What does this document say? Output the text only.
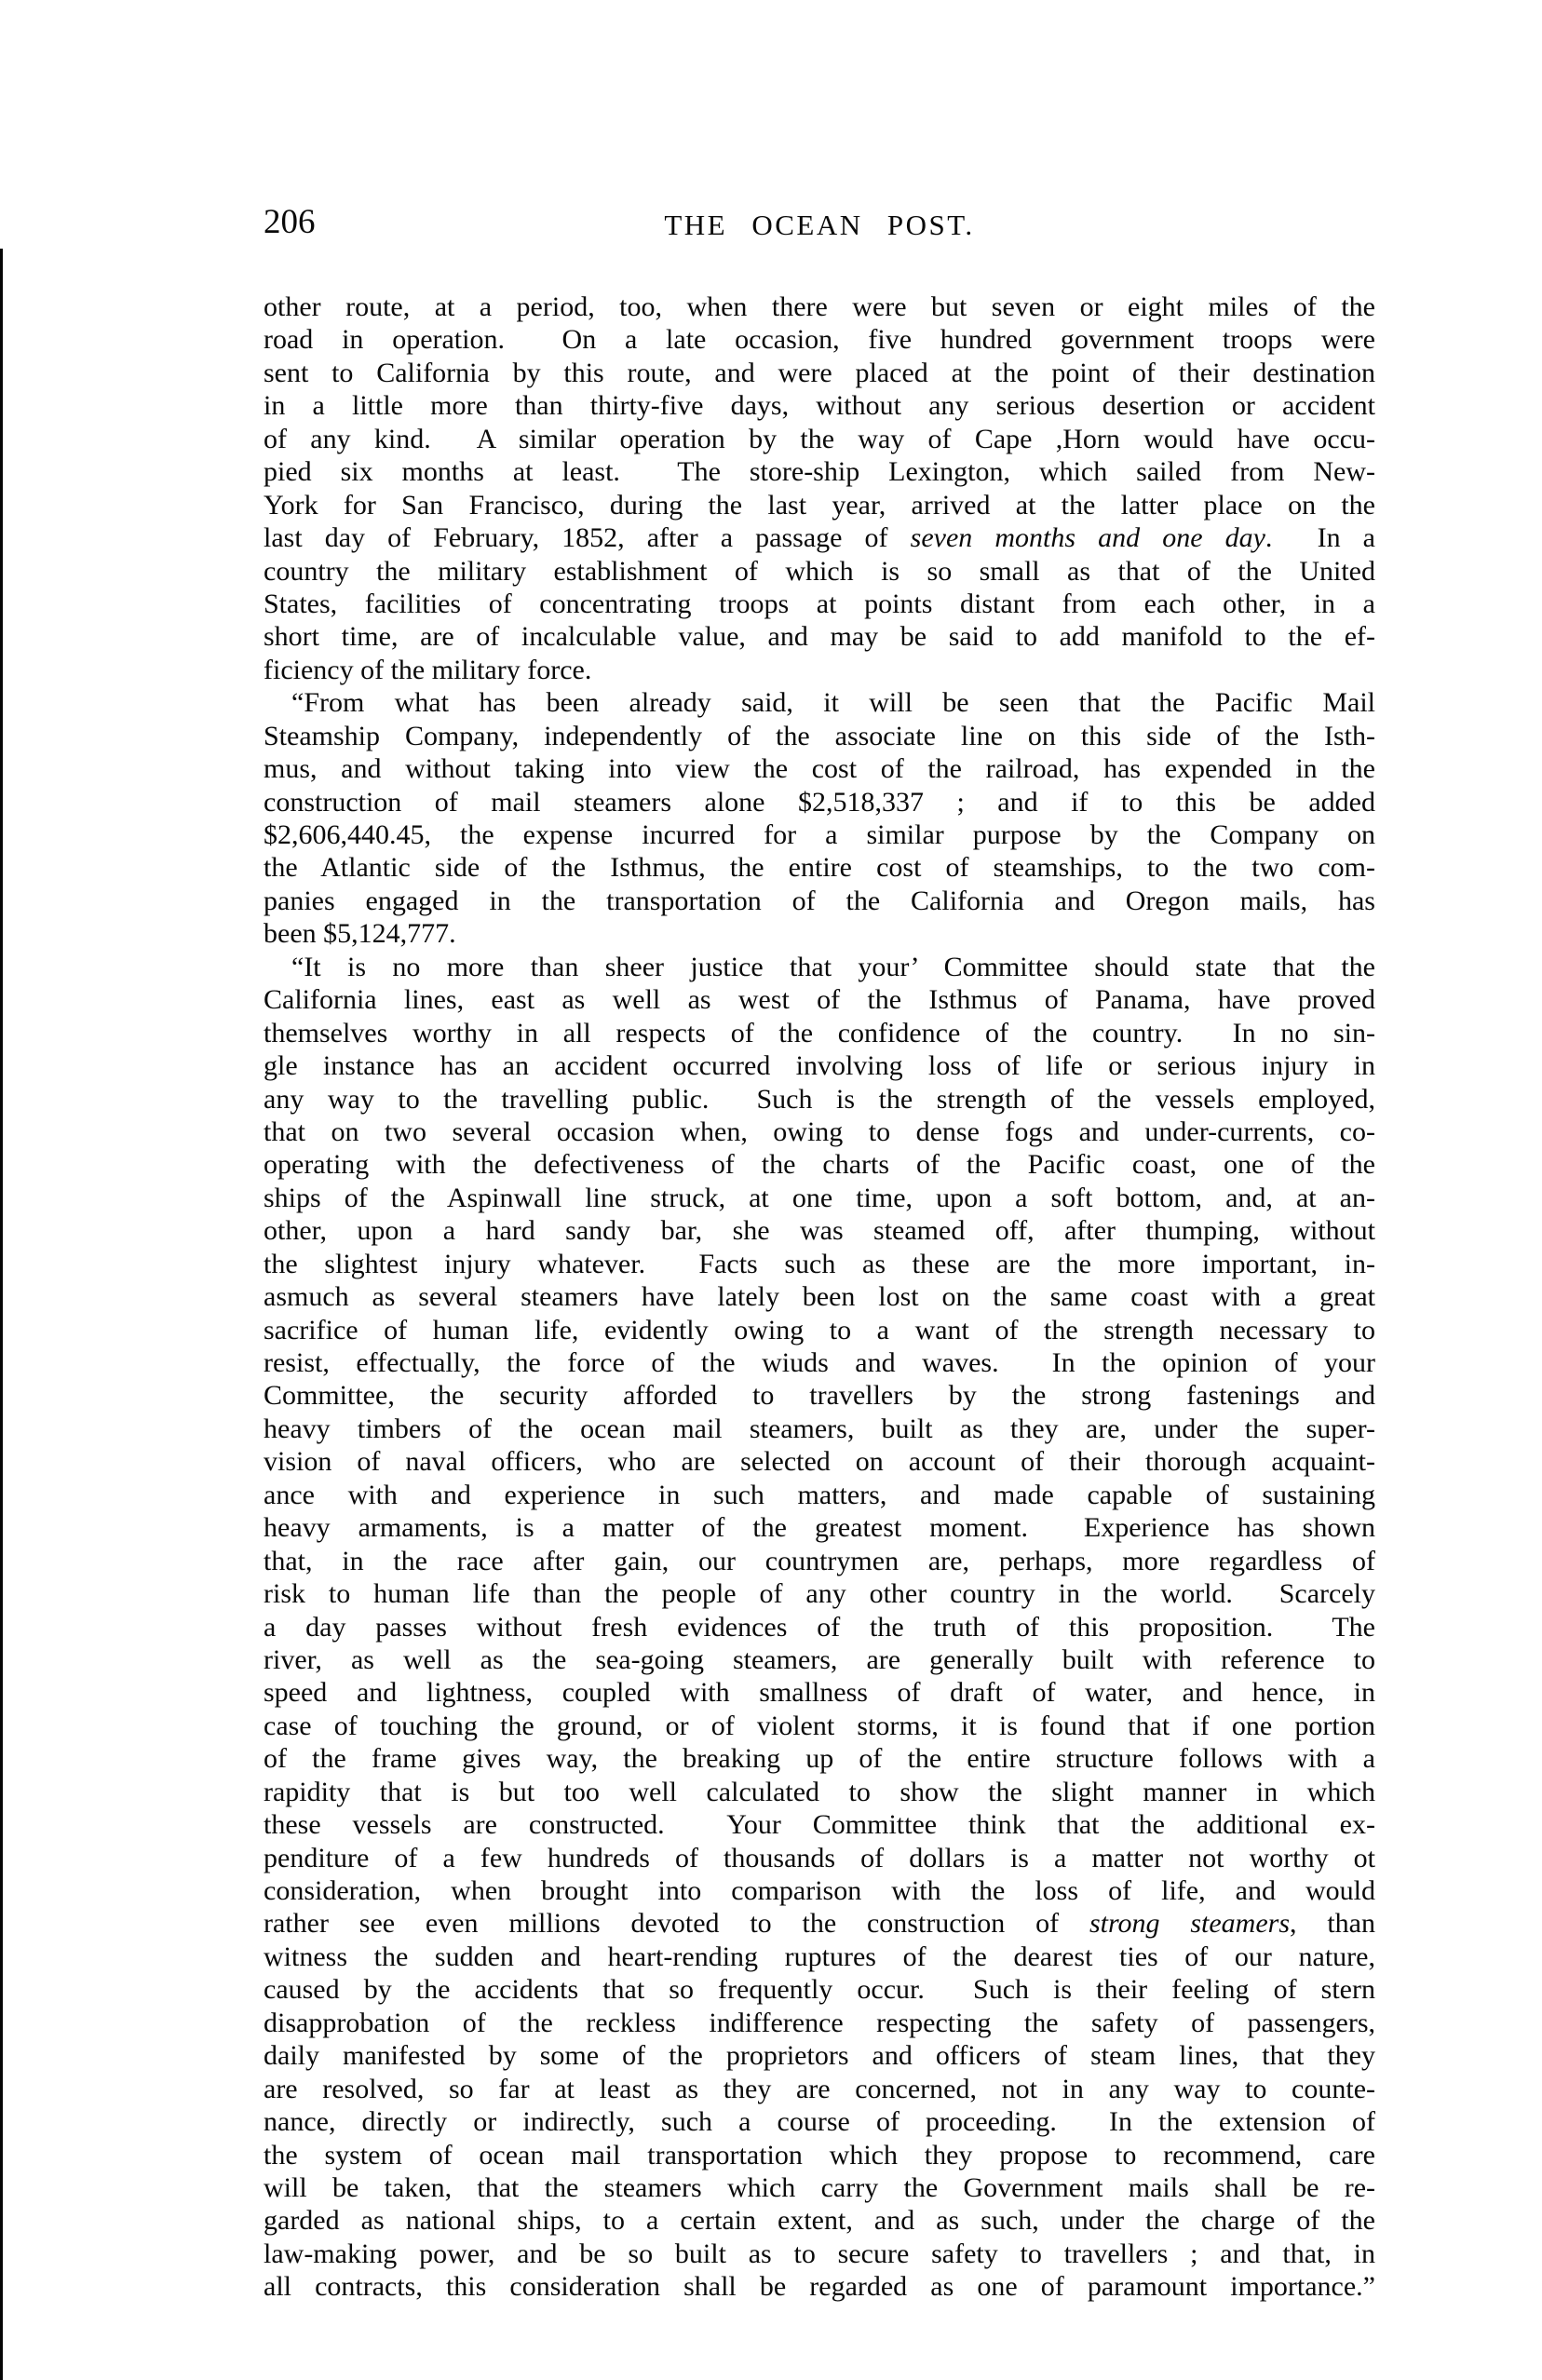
206	THE OCEAN POST.
other route, at a period, too, when there were but seven or eight miles of the
road in operation.  On a late occasion, five hundred government troops were
sent to California by this route, and were placed at the point of their destination
in a little more than thirty-five days, without any serious desertion or accident
of any kind.  A similar operation by the way of Cape ,Horn would have occu-
pied six months at least.  The store-ship Lexington, which sailed from New-
York for San Francisco, during the last year, arrived at the latter place on the
last day of February, 1852, after a passage of seven months and one day.  In a
country the military establishment of which is so small as that of the United
States, facilities of concentrating troops at points distant from each other, in a
short time, are of incalculable value, and may be said to add manifold to the ef-
ficiency of the military force.
“From what has been already said, it will be seen that the Pacific Mail
Steamship Company, independently of the associate line on this side of the Isth-
mus, and without taking into view the cost of the railroad, has expended in the
construction of mail steamers alone $2,518,337 ; and if to this be added
$2,606,440.45, the expense incurred for a similar purpose by the Company on
the Atlantic side of the Isthmus, the entire cost of steamships, to the two com-
panies engaged in the transportation of the California and Oregon mails, has
been $5,124,777.
“It is no more than sheer justice that your’ Committee should state that the
California lines, east as well as west of the Isthmus of Panama, have proved
themselves worthy in all respects of the confidence of the country.  In no sin-
gle instance has an accident occurred involving loss of life or serious injury in
any way to the travelling public.  Such is the strength of the vessels employed,
that on two several occasion when, owing to dense fogs and under-currents, co-
operating with the defectiveness of the charts of the Pacific coast, one of the
ships of the Aspinwall line struck, at one time, upon a soft bottom, and, at an-
other, upon a hard sandy bar, she was steamed off, after thumping, without
the slightest injury whatever.  Facts such as these are the more important, in-
asmuch as several steamers have lately been lost on the same coast with a great
sacrifice of human life, evidently owing to a want of the strength necessary to
resist, effectually, the force of the wiuds and waves.  In the opinion of your
Committee, the security afforded to travellers by the strong fastenings and
heavy timbers of the ocean mail steamers, built as they are, under the super-
vision of naval officers, who are selected on account of their thorough acquaint-
ance with and experience in such matters, and made capable of sustaining
heavy armaments, is a matter of the greatest moment.  Experience has shown
that, in the race after gain, our countrymen are, perhaps, more regardless of
risk to human life than the people of any other country in the world.  Scarcely
a day passes without fresh evidences of the truth of this proposition.  The
river, as well as the sea-going steamers, are generally built with reference to
speed and lightness, coupled with smallness of draft of water, and hence, in
case of touching the ground, or of violent storms, it is found that if one portion
of the frame gives way, the breaking up of the entire structure follows with a
rapidity that is but too well calculated to show the slight manner in which
these vessels are constructed.  Your Committee think that the additional ex-
penditure of a few hundreds of thousands of dollars is a matter not worthy ot
consideration, when brought into comparison with the loss of life, and would
rather see even millions devoted to the construction of strong steamers, than
witness the sudden and heart-rending ruptures of the dearest ties of our nature,
caused by the accidents that so frequently occur.  Such is their feeling of stern
disapprobation of the reckless indifference respecting the safety of passengers,
daily manifested by some of the proprietors and officers of steam lines, that they
are resolved, so far at least as they are concerned, not in any way to counte-
nance, directly or indirectly, such a course of proceeding.  In the extension of
the system of ocean mail transportation which they propose to recommend, care
will be taken, that the steamers which carry the Government mails shall be re-
garded as national ships, to a certain extent, and as such, under the charge of the
law-making power, and be so built as to secure safety to travellers ; and that, in
all contracts, this consideration shall be regarded as one of paramount importance.”
